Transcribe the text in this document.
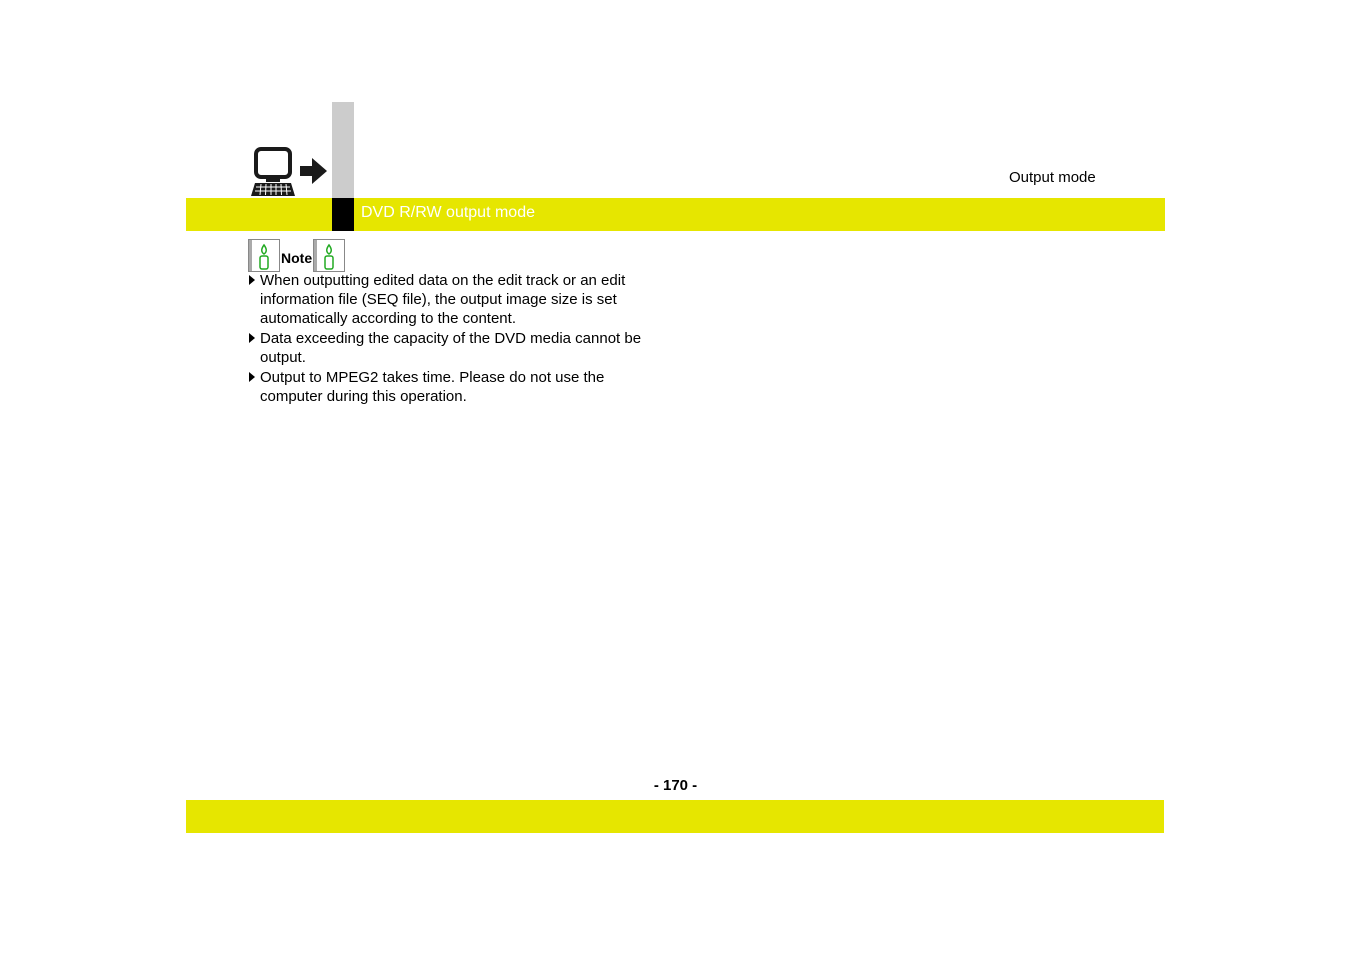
Output mode
DVD R/RW output mode
Note
When outputting edited data on the edit track or an edit information file (SEQ file), the output image size is set automatically according to the content.
Data exceeding the capacity of the DVD media cannot be output.
Output to MPEG2 takes time. Please do not use the computer during this operation.
- 170 -
